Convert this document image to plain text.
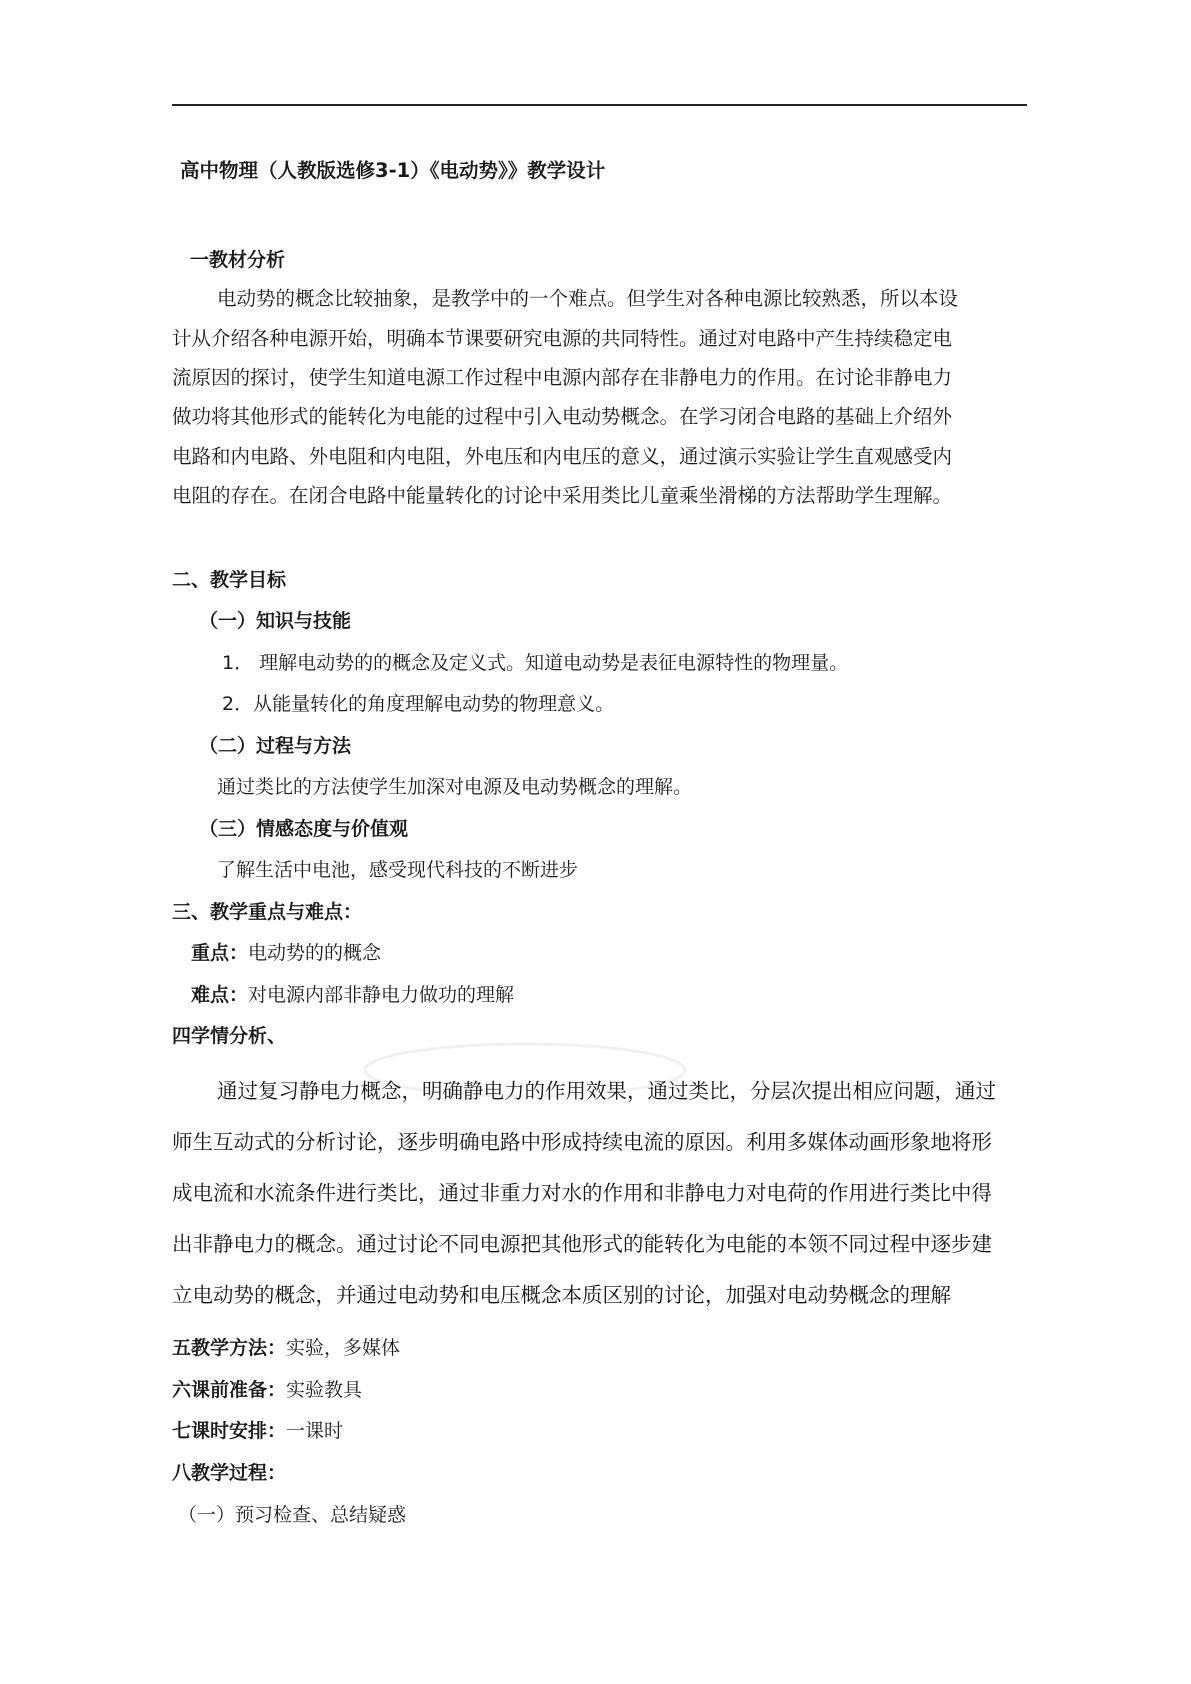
高中物理（人教版选修3-1）《电动势》》教学设计
一教材分析
电动势的概念比较抽象，是教学中的一个难点。但学生对各种电源比较熟悉，所以本设
计从介绍各种电源开始，明确本节课要研究电源的共同特性。通过对电路中产生持续稳定电
流原因的探讨，使学生知道电源工作过程中电源内部存在非静电力的作用。在讨论非静电力
做功将其他形式的能转化为电能的过程中引入电动势概念。在学习闭合电路的基础上介绍外
电路和内电路、外电阻和内电阻，外电压和内电压的意义，通过演示实验让学生直观感受内
电阻的存在。在闭合电路中能量转化的讨论中采用类比儿童乘坐滑梯的方法帮助学生理解。
二、教学目标
（一）知识与技能
1． 理解电动势的的概念及定义式。知道电动势是表征电源特性的物理量。
2．从能量转化的角度理解电动势的物理意义。
（二）过程与方法
通过类比的方法使学生加深对电源及电动势概念的理解。
（三）情感态度与价值观
了解生活中电池，感受现代科技的不断进步
三、教学重点与难点：
重点：电动势的的概念
难点：对电源内部非静电力做功的理解
四学情分析、
通过复习静电力概念，明确静电力的作用效果，通过类比，分层次提出相应问题，通过
师生互动式的分析讨论，逐步明确电路中形成持续电流的原因。利用多媒体动画形象地将形
成电流和水流条件进行类比，通过非重力对水的作用和非静电力对电荷的作用进行类比中得
出非静电力的概念。通过讨论不同电源把其他形式的能转化为电能的本领不同过程中逐步建
立电动势的概念，并通过电动势和电压概念本质区别的讨论，加强对电动势概念的理解
五教学方法：实验，多媒体
六课前准备：实验教具
七课时安排：一课时
八教学过程：
（一）预习检查、总结疑惑
